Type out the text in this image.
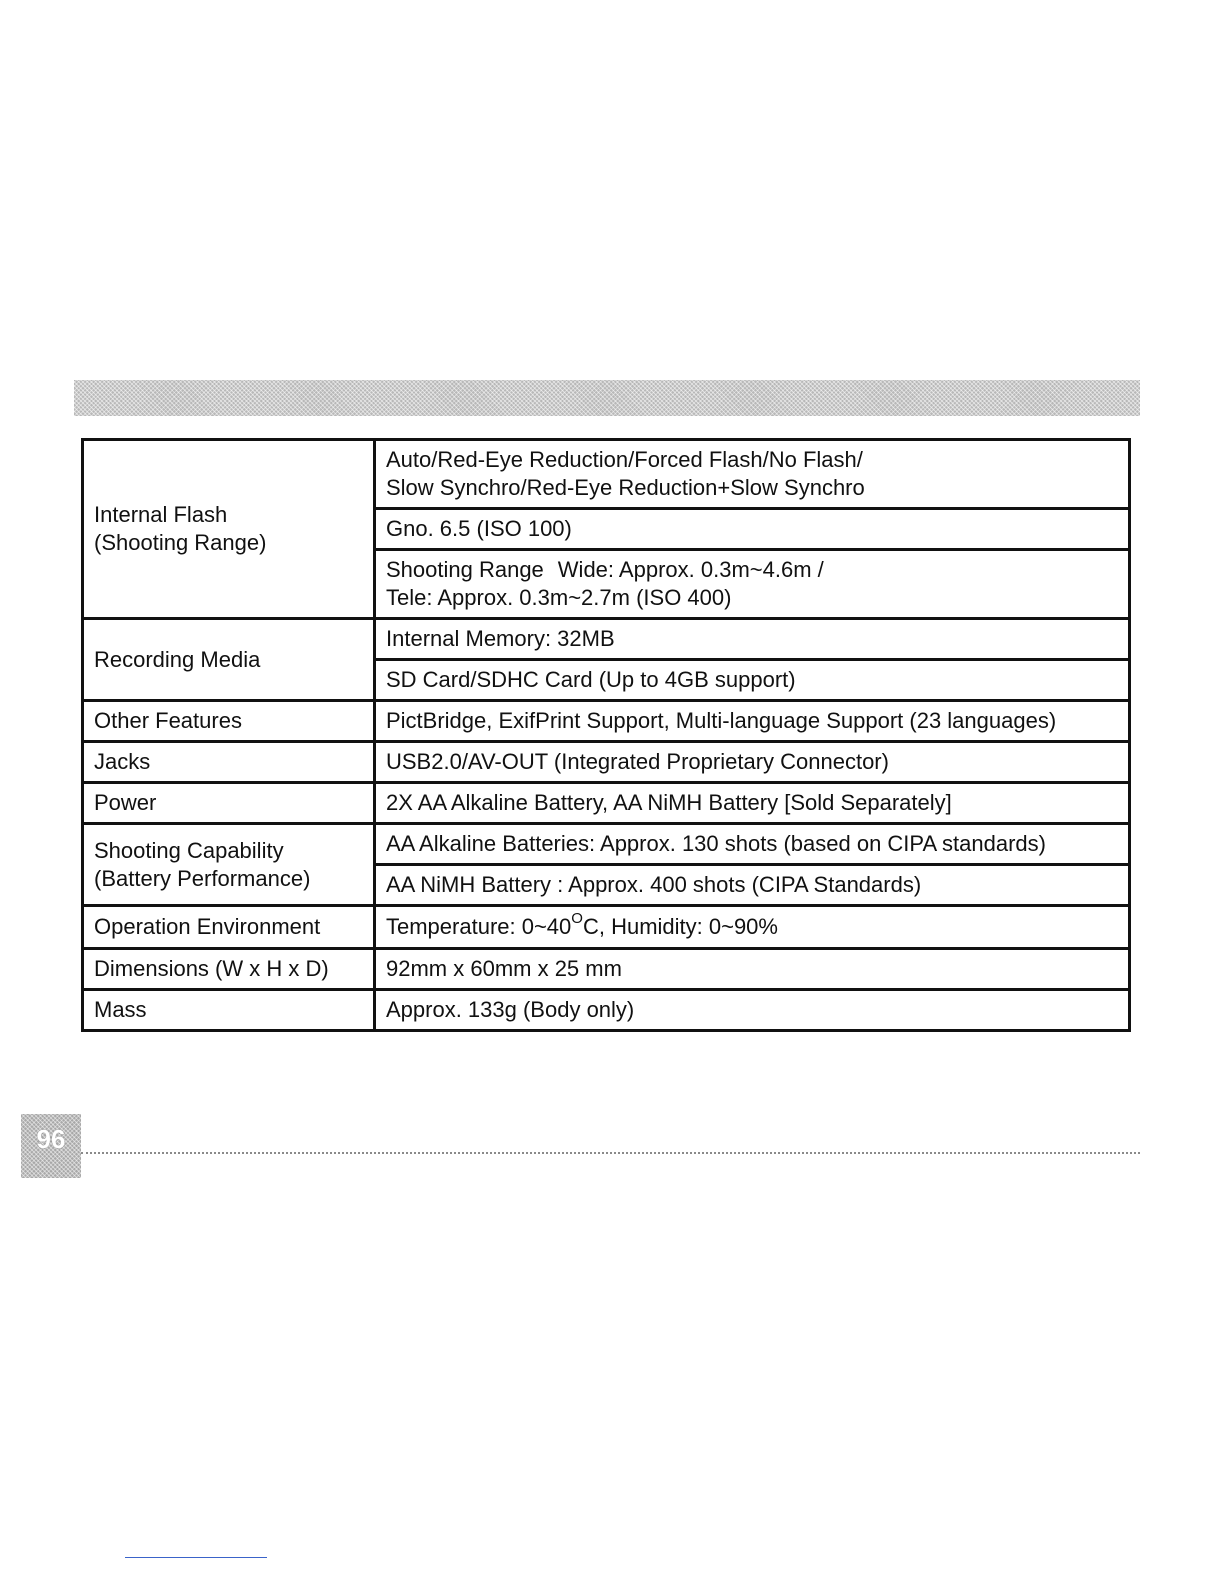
Internal Flash
(Shooting Range)	Auto/Red-Eye Reduction/Forced Flash/No Flash/
Slow Synchro/Red-Eye Reduction+Slow Synchro

	Gno. 6.5 (ISO 100)

	Shooting Range Wide: Approx. 0.3m~4.6m /
Tele: Approx. 0.3m~2.7m (ISO 400)

Recording Media	Internal Memory: 32MB
	SD Card/SDHC Card (Up to 4GB support)
Other Features	PictBridge, ExifPrint Support, Multi-language Support (23 languages)
Jacks	USB2.0/AV-OUT (Integrated Proprietary Connector)
Power	2X AA Alkaline Battery, AA NiMH Battery [Sold Separately]

Shooting Capability
(Battery Performance)	AA Alkaline Batteries: Approx. 130 shots (based on CIPA standards)
	AA NiMH Battery : Approx. 400 shots (CIPA Standards)
Operation Environment	Temperature: $0\sim 40^OC$, Humidity: 0~90%
Dimensions (W x H x D)	92mm x 60mm x 25 mm
Mass	Approx. 133g (Body only)
96
